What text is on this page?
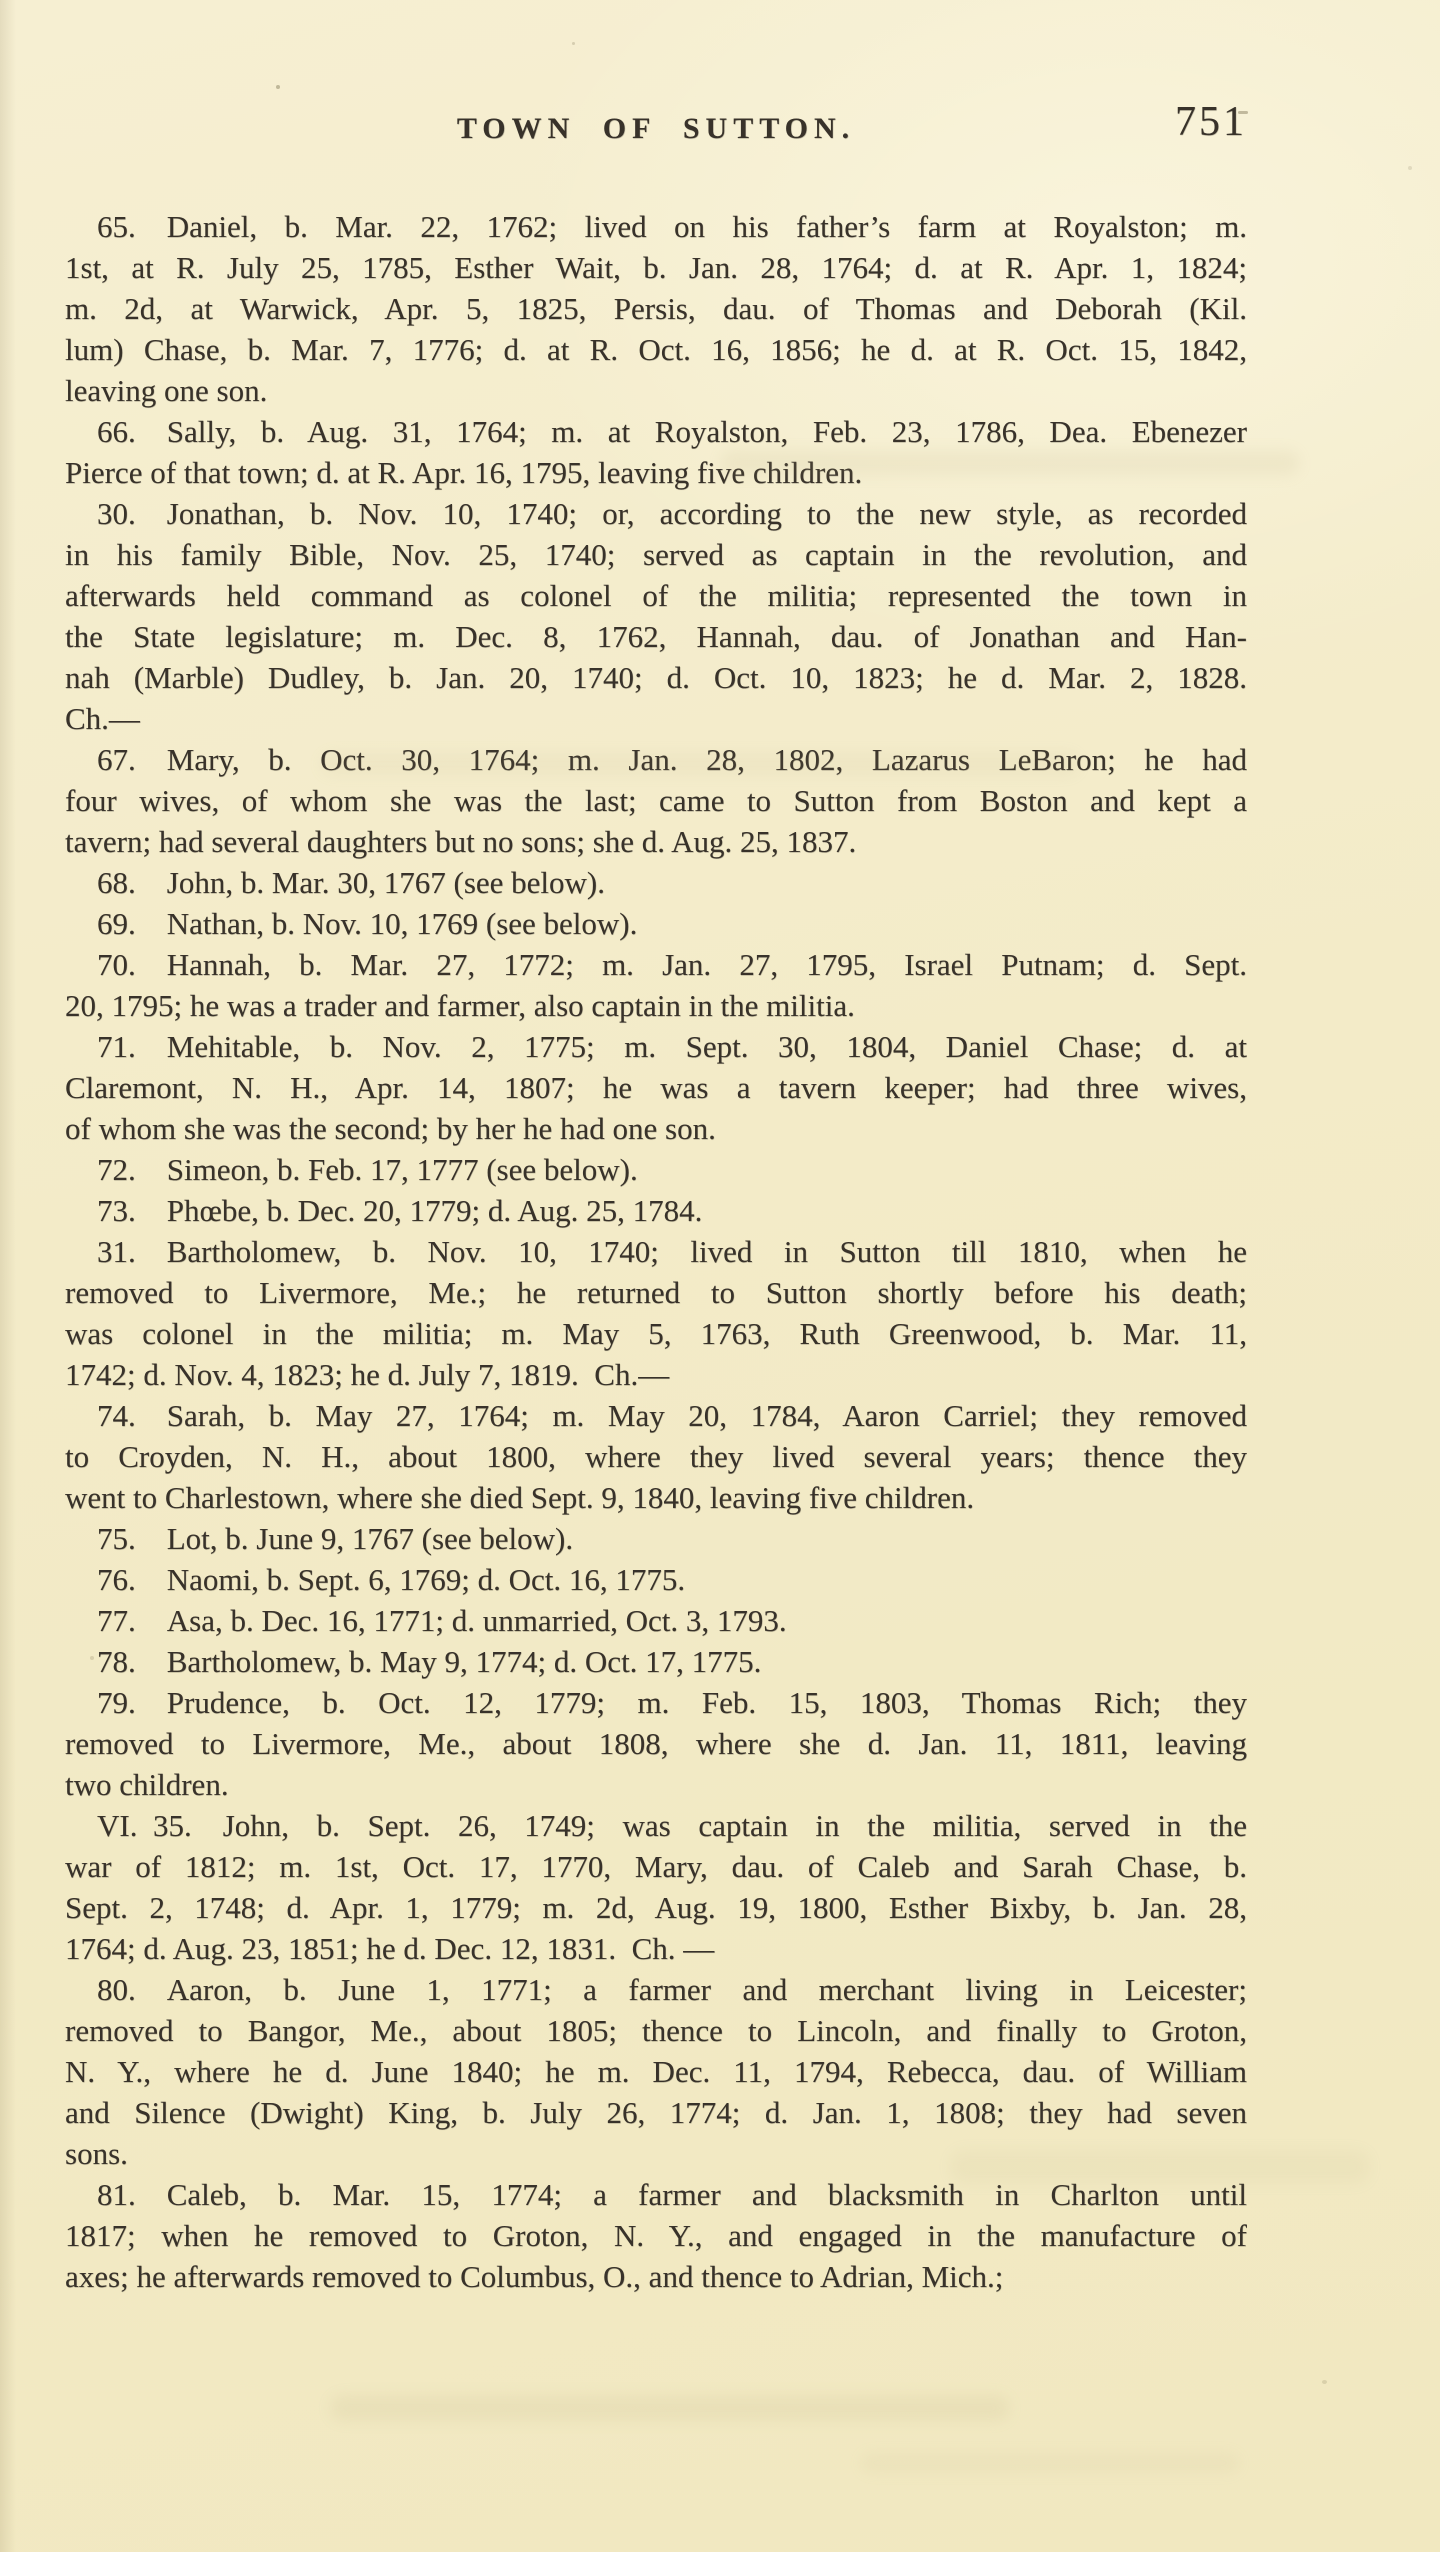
TOWN OF SUTTON.	751
65. Daniel, b. Mar. 22, 1762; lived on his father’s farm at Royalston; m.
1st, at R. July 25, 1785, Esther Wait, b. Jan. 28, 1764; d. at R. Apr. 1, 1824;
m. 2d, at Warwick, Apr. 5, 1825, Persis, dau. of Thomas and Deborah (Kil.
lum) Chase, b. Mar. 7, 1776; d. at R. Oct. 16, 1856; he d. at R. Oct. 15, 1842,
leaving one son.
66. Sally, b. Aug. 31, 1764; m. at Royalston, Feb. 23, 1786, Dea. Ebenezer
Pierce of that town; d. at R. Apr. 16, 1795, leaving five children.
30. Jonathan, b. Nov. 10, 1740; or, according to the new style, as recorded
in his family Bible, Nov. 25, 1740; served as captain in the revolution, and
afterwards held command as colonel of the militia; represented the town in
the State legislature; m. Dec. 8, 1762, Hannah, dau. of Jonathan and Han-
nah (Marble) Dudley, b. Jan. 20, 1740; d. Oct. 10, 1823; he d. Mar. 2, 1828.
Ch.—
67. Mary, b. Oct. 30, 1764; m. Jan. 28, 1802, Lazarus LeBaron; he had
four wives, of whom she was the last; came to Sutton from Boston and kept a
tavern; had several daughters but no sons; she d. Aug. 25, 1837.
68. John, b. Mar. 30, 1767 (see below).
69. Nathan, b. Nov. 10, 1769 (see below).
70. Hannah, b. Mar. 27, 1772; m. Jan. 27, 1795, Israel Putnam; d. Sept.
20, 1795; he was a trader and farmer, also captain in the militia.
71. Mehitable, b. Nov. 2, 1775; m. Sept. 30, 1804, Daniel Chase; d. at
Claremont, N. H., Apr. 14, 1807; he was a tavern keeper; had three wives,
of whom she was the second; by her he had one son.
72. Simeon, b. Feb. 17, 1777 (see below).
73. Phœbe, b. Dec. 20, 1779; d. Aug. 25, 1784.
31. Bartholomew, b. Nov. 10, 1740; lived in Sutton till 1810, when he
removed to Livermore, Me.; he returned to Sutton shortly before his death;
was colonel in the militia; m. May 5, 1763, Ruth Greenwood, b. Mar. 11,
1742; d. Nov. 4, 1823; he d. July 7, 1819. Ch.—
74. Sarah, b. May 27, 1764; m. May 20, 1784, Aaron Carriel; they removed
to Croyden, N. H., about 1800, where they lived several years; thence they
went to Charlestown, where she died Sept. 9, 1840, leaving five children.
75. Lot, b. June 9, 1767 (see below).
76. Naomi, b. Sept. 6, 1769; d. Oct. 16, 1775.
77. Asa, b. Dec. 16, 1771; d. unmarried, Oct. 3, 1793.
78. Bartholomew, b. May 9, 1774; d. Oct. 17, 1775.
79. Prudence, b. Oct. 12, 1779; m. Feb. 15, 1803, Thomas Rich; they
removed to Livermore, Me., about 1808, where she d. Jan. 11, 1811, leaving
two children.
VI. 35. John, b. Sept. 26, 1749; was captain in the militia, served in the
war of 1812; m. 1st, Oct. 17, 1770, Mary, dau. of Caleb and Sarah Chase, b.
Sept. 2, 1748; d. Apr. 1, 1779; m. 2d, Aug. 19, 1800, Esther Bixby, b. Jan. 28,
1764; d. Aug. 23, 1851; he d. Dec. 12, 1831. Ch. —
80. Aaron, b. June 1, 1771; a farmer and merchant living in Leicester;
removed to Bangor, Me., about 1805; thence to Lincoln, and finally to Groton,
N. Y., where he d. June 1840; he m. Dec. 11, 1794, Rebecca, dau. of William
and Silence (Dwight) King, b. July 26, 1774; d. Jan. 1, 1808; they had seven
sons.
81. Caleb, b. Mar. 15, 1774; a farmer and blacksmith in Charlton until
1817; when he removed to Groton, N. Y., and engaged in the manufacture of
axes; he afterwards removed to Columbus, O., and thence to Adrian, Mich.;
